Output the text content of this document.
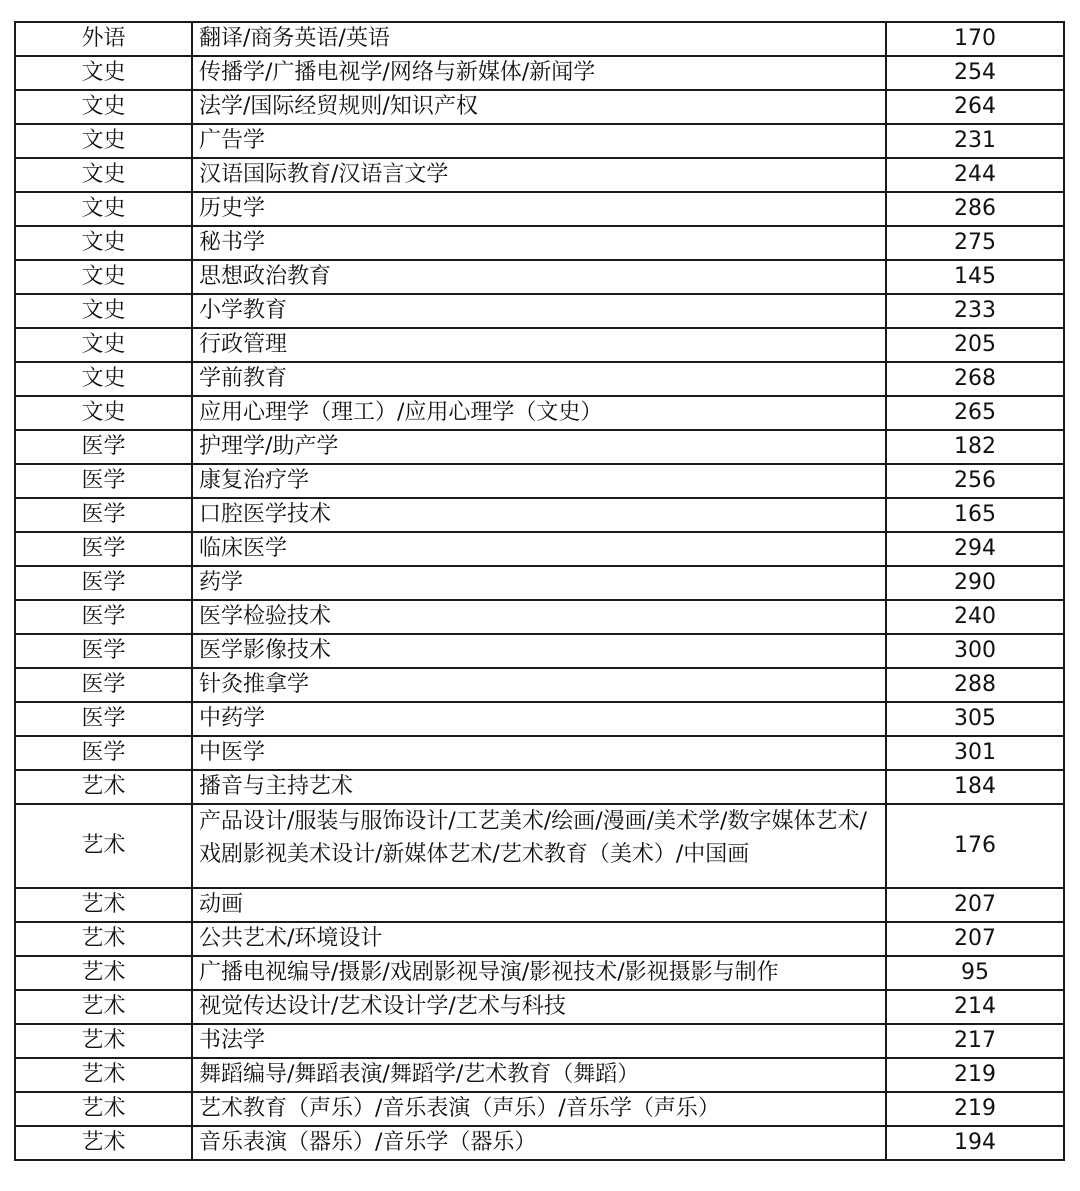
外语	翻译/商务英语/英语	170
文史	传播学/广播电视学/网络与新媒体/新闻学	254
文史	法学/国际经贸规则/知识产权	264
文史	广告学	231
文史	汉语国际教育/汉语言文学	244
文史	历史学	286
文史	秘书学	275
文史	思想政治教育	145
文史	小学教育	233
文史	行政管理	205
文史	学前教育	268
文史	应用心理学（理工）/应用心理学（文史）	265
医学	护理学/助产学	182
医学	康复治疗学	256
医学	口腔医学技术	165
医学	临床医学	294
医学	药学	290
医学	医学检验技术	240
医学	医学影像技术	300
医学	针灸推拿学	288
医学	中药学	305
医学	中医学	301
艺术	播音与主持艺术	184
艺术	产品设计/服装与服饰设计/工艺美术/绘画/漫画/美术学/数字媒体艺术/戏剧影视美术设计/新媒体艺术/艺术教育（美术）/中国画	176
艺术	动画	207
艺术	公共艺术/环境设计	207
艺术	广播电视编导/摄影/戏剧影视导演/影视技术/影视摄影与制作	95
艺术	视觉传达设计/艺术设计学/艺术与科技	214
艺术	书法学	217
艺术	舞蹈编导/舞蹈表演/舞蹈学/艺术教育（舞蹈）	219
艺术	艺术教育（声乐）/音乐表演（声乐）/音乐学（声乐）	219
艺术	音乐表演（器乐）/音乐学（器乐）	194
